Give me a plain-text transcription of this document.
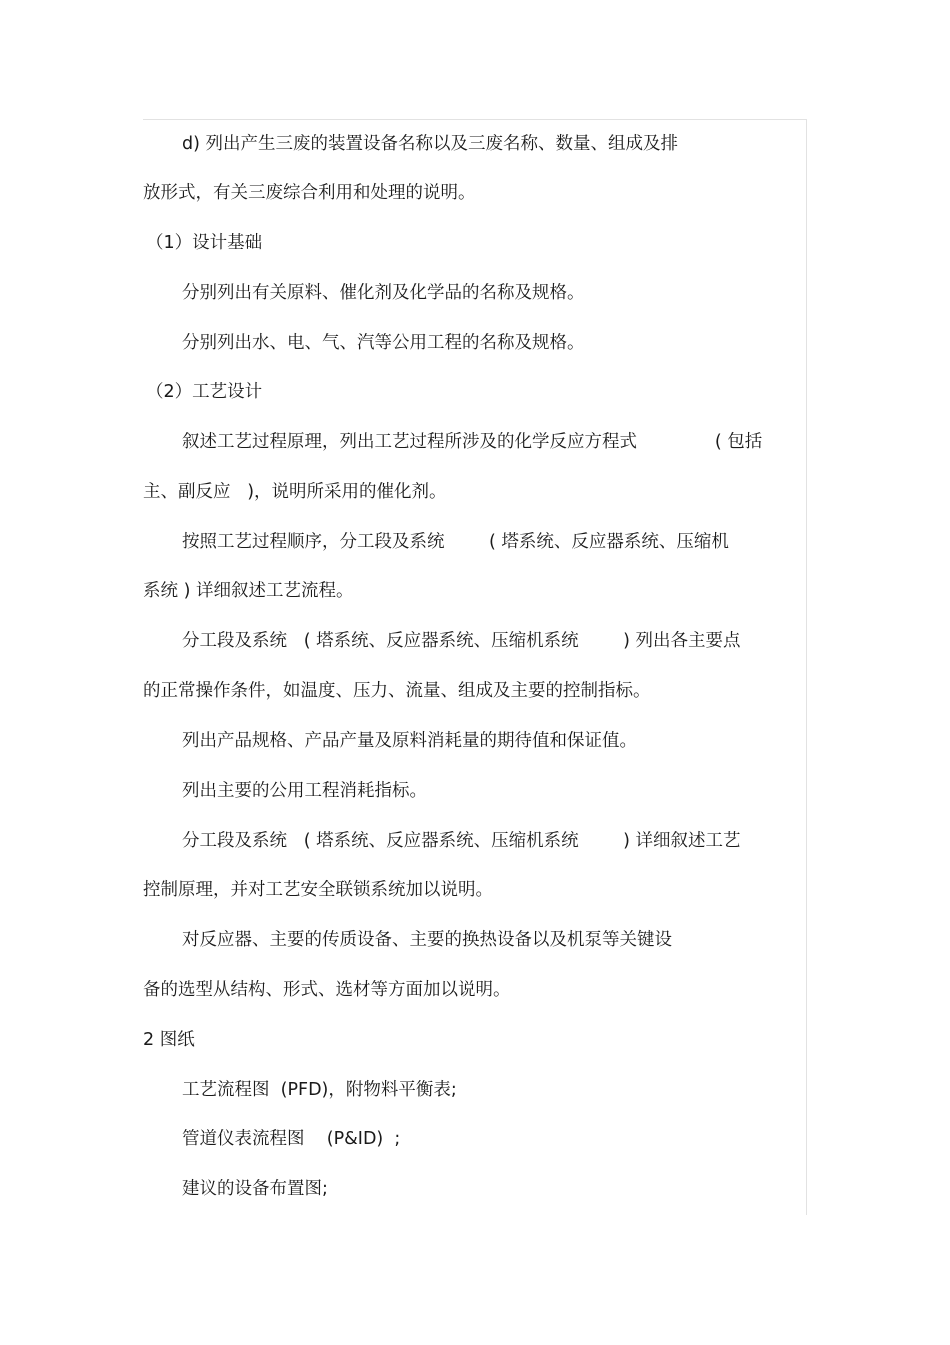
d) 列出产生三废的装置设备名称以及三废名称、数量、组成及排
放形式，有关三废综合利用和处理的说明。
（1）设计基础
分别列出有关原料、催化剂及化学品的名称及规格。
分别列出水、电、气、汽等公用工程的名称及规格。
（2）工艺设计
叙述工艺过程原理，列出工艺过程所涉及的化学反应方程式              ( 包括
主、副反应   )，说明所采用的催化剂。
按照工艺过程顺序，分工段及系统        ( 塔系统、反应器系统、压缩机
系统 ) 详细叙述工艺流程。
分工段及系统   ( 塔系统、反应器系统、压缩机系统        ) 列出各主要点
的正常操作条件，如温度、压力、流量、组成及主要的控制指标。
列出产品规格、产品产量及原料消耗量的期待值和保证值。
列出主要的公用工程消耗指标。
分工段及系统   ( 塔系统、反应器系统、压缩机系统        ) 详细叙述工艺
控制原理，并对工艺安全联锁系统加以说明。
对反应器、主要的传质设备、主要的换热设备以及机泵等关键设
备的选型从结构、形式、选材等方面加以说明。
2 图纸
工艺流程图  (PFD)，附物料平衡表;
管道仪表流程图    (P&ID)  ;
建议的设备布置图;
